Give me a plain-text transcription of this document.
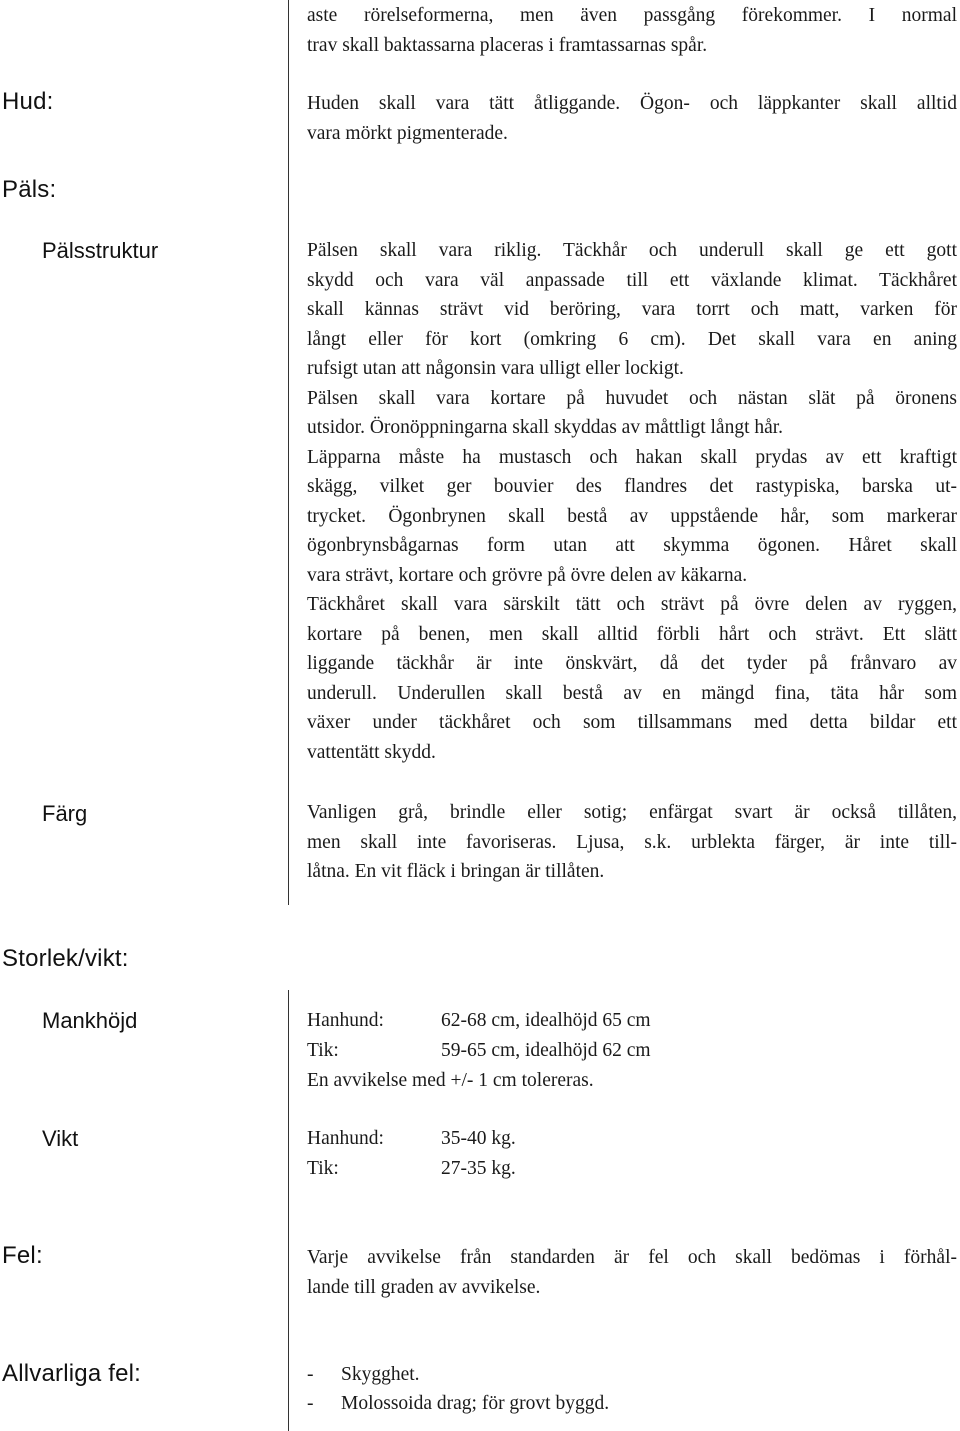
aste rörelseformerna, men även passgång förekommer. I normal
trav skall baktassarna placeras i framtassarnas spår.
Hud:	Huden skall vara tätt åtliggande. Ögon- och läppkanter skall alltid
vara mörkt pigmenterade.
Päls:
Pälsstruktur	Pälsen skall vara riklig. Täckhår och underull skall ge ett gott
skydd och vara väl anpassade till ett växlande klimat. Täckhåret
skall kännas strävt vid beröring, vara torrt och matt, varken för
långt eller för kort (omkring 6 cm). Det skall vara en aning
rufsigt utan att någonsin vara ulligt eller lockigt.
Pälsen skall vara kortare på huvudet och nästan slät på öronens
utsidor. Öronöppningarna skall skyddas av måttligt långt hår.
Läpparna måste ha mustasch och hakan skall prydas av ett kraftigt
skägg, vilket ger bouvier des flandres det rastypiska, barska ut-
trycket. Ögonbrynen skall bestå av uppstående hår, som markerar
ögonbrynsbågarnas form utan att skymma ögonen. Håret skall
vara strävt, kortare och grövre på övre delen av käkarna.
Täckhåret skall vara särskilt tätt och strävt på övre delen av ryggen,
kortare på benen, men skall alltid förbli hårt och strävt. Ett slätt
liggande täckhår är inte önskvärt, då det tyder på frånvaro av
underull. Underullen skall bestå av en mängd fina, täta hår som
växer under täckhåret och som tillsammans med detta bildar ett
vattentätt skydd.
Färg	Vanligen grå, brindle eller sotig; enfärgat svart är också tillåten,
men skall inte favoriseras. Ljusa, s.k. urblekta färger, är inte till-
låtna. En vit fläck i bringan är tillåten.
Storlek/vikt:
Mankhöjd	Hanhund:	62-68 cm, idealhöjd 65 cm
Tik:	59-65 cm, idealhöjd 62 cm
En avvikelse med +/- 1 cm tolereras.
Vikt	Hanhund:	35-40 kg.
Tik:	27-35 kg.
Fel:	Varje avvikelse från standarden är fel och skall bedömas i förhål-
lande till graden av avvikelse.
Allvarliga fel:	- Skygghet.
- Molossoida drag; för grovt byggd.
